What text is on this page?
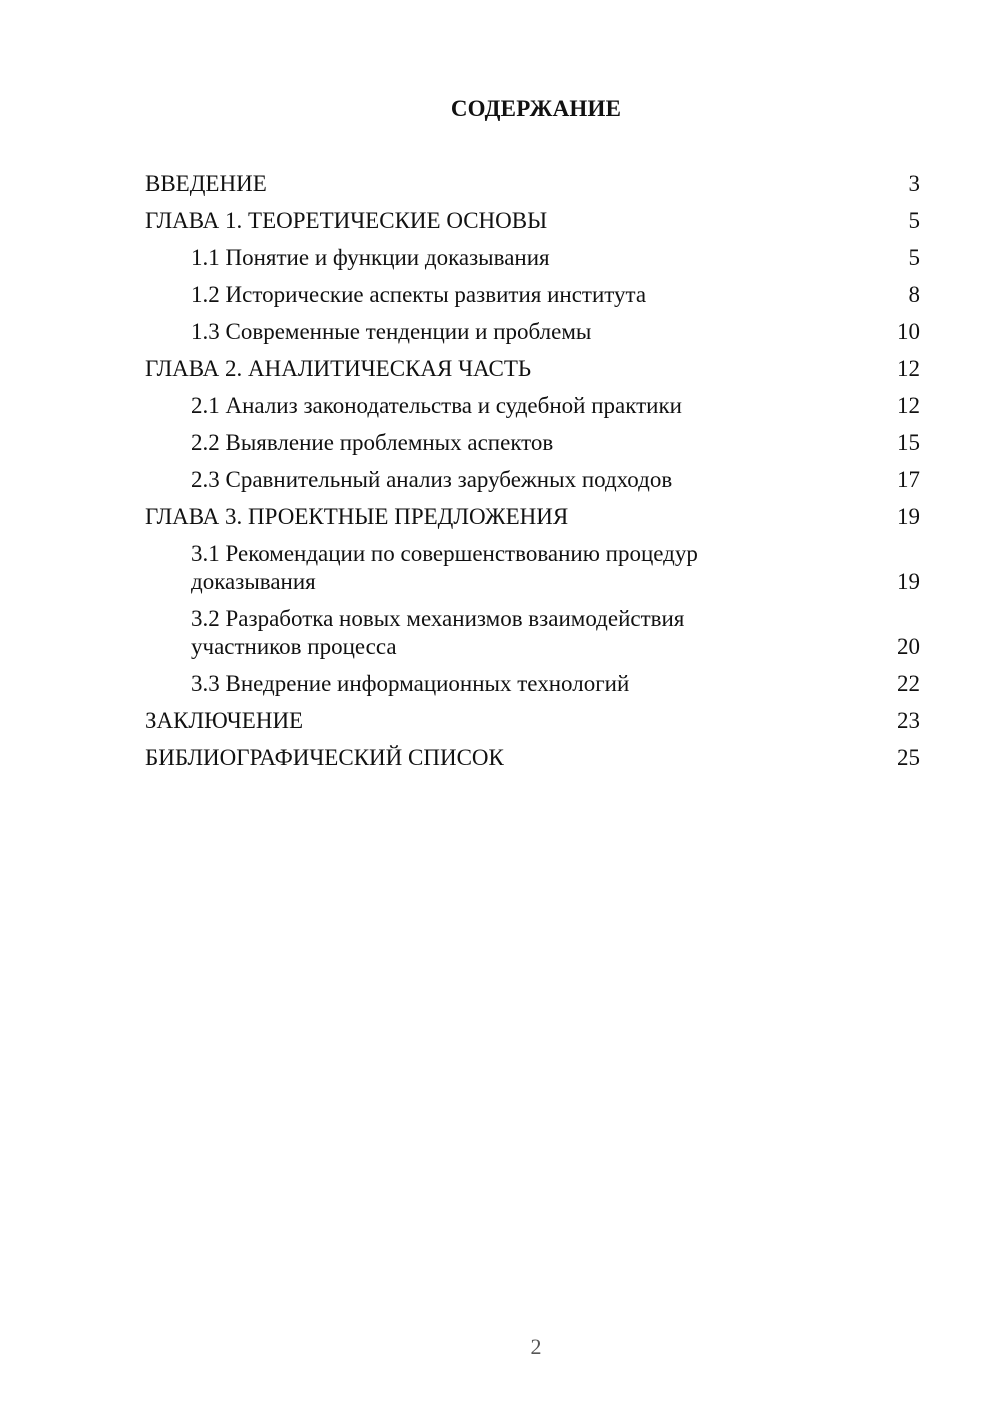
СОДЕРЖАНИЕ
ВВЕДЕНИЕ	3
ГЛАВА 1. ТЕОРЕТИЧЕСКИЕ ОСНОВЫ	5
1.1 Понятие и функции доказывания	5
1.2 Исторические аспекты развития института	8
1.3 Современные тенденции и проблемы	10
ГЛАВА 2. АНАЛИТИЧЕСКАЯ ЧАСТЬ	12
2.1 Анализ законодательства и судебной практики	12
2.2 Выявление проблемных аспектов	15
2.3 Сравнительный анализ зарубежных подходов	17
ГЛАВА 3. ПРОЕКТНЫЕ ПРЕДЛОЖЕНИЯ	19
3.1 Рекомендации по совершенствованию процедур доказывания	19
3.2 Разработка новых механизмов взаимодействия участников процесса	20
3.3 Внедрение информационных технологий	22
ЗАКЛЮЧЕНИЕ	23
БИБЛИОГРАФИЧЕСКИЙ СПИСОК	25
2
